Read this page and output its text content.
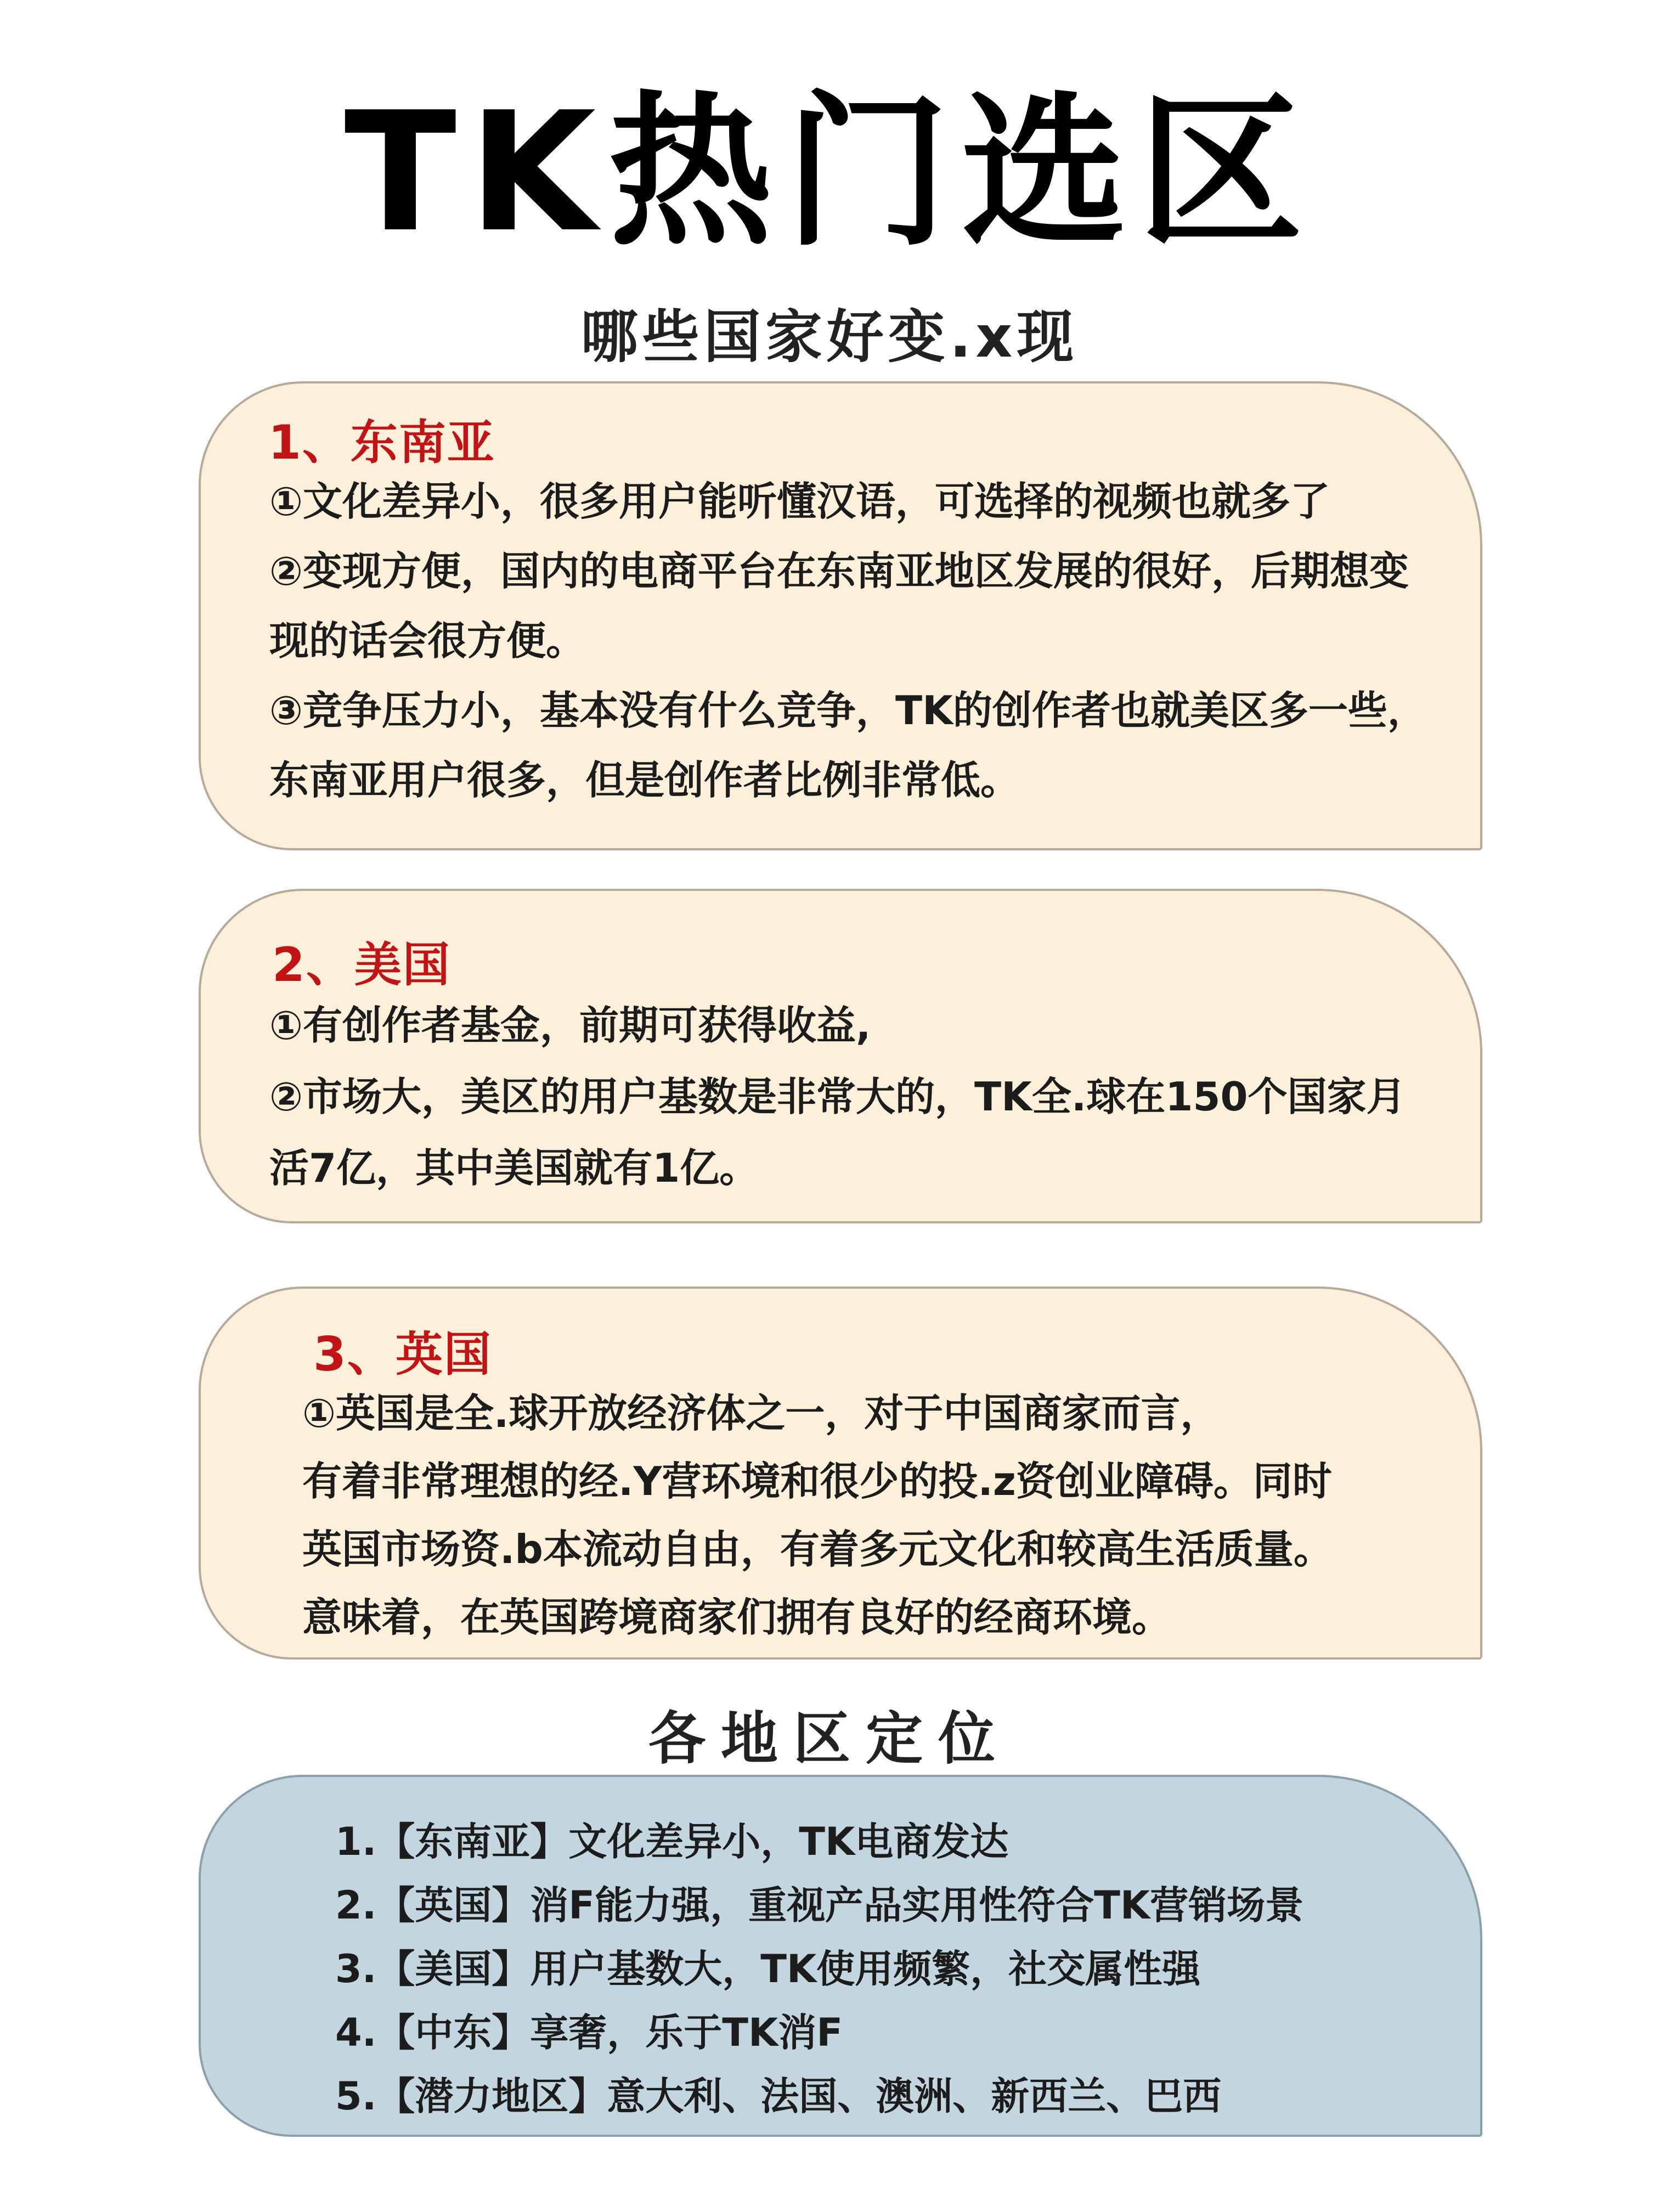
TK热门选区
哪些国家好变.x现
1、东南亚

①文化差异小，很多用户能听懂汉语，可选择的视频也就多了

②变现方便，国内的电商平台在东南亚地区发展的很好，后期想变现的话会很方便。

③竞争压力小，基本没有什么竞争，TK的创作者也就美区多一些，东南亚用户很多，但是创作者比例非常低。

2、美国

①有创作者基金，前期可获得收益,

②市场大，美区的用户基数是非常大的，TK全.球在150个国家月活7亿，其中美国就有1亿。

3、英国

①英国是全.球开放经济体之一，对于中国商家而言，

有着非常理想的经.Y营环境和很少的投.z资创业障碍。同时

英国市场资.b本流动自由，有着多元文化和较高生活质量。

意味着，在英国跨境商家们拥有良好的经商环境。

各地区定位
1.【东南亚】文化差异小，TK电商发达
2.【英国】消F能力强，重视产品实用性符合TK营销场景
3.【美国】用户基数大，TK使用频繁，社交属性强
4.【中东】享奢，乐于TK消F
5.【潜力地区】意大利、法国、澳洲、新西兰、巴西
